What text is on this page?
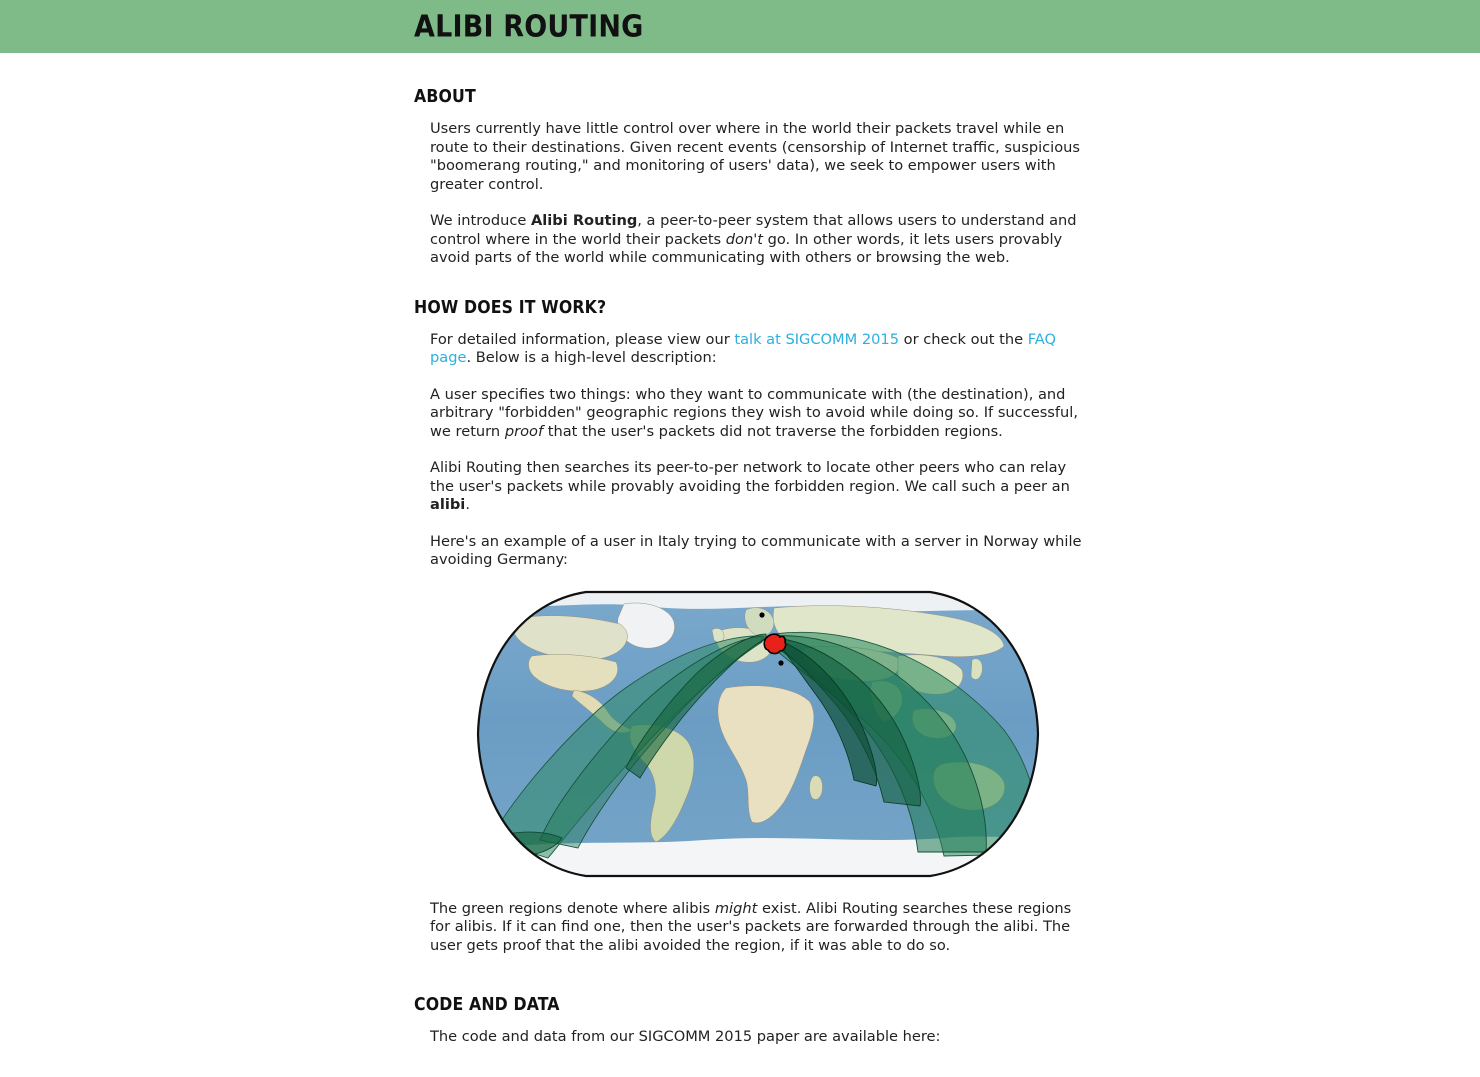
ALIBI ROUTING
ABOUT

Users currently have little control over where in the world their packets travel while en route to their destinations. Given recent events (censorship of Internet traffic, suspicious "boomerang routing," and monitoring of users' data), we seek to empower users with greater control.

We introduce Alibi Routing, a peer-to-peer system that allows users to understand and control where in the world their packets don't go. In other words, it lets users provably avoid parts of the world while communicating with others or browsing the web.

HOW DOES IT WORK?

For detailed information, please view our talk at SIGCOMM 2015 or check out the FAQ page. Below is a high-level description:

A user specifies two things: who they want to communicate with (the destination), and arbitrary "forbidden" geographic regions they wish to avoid while doing so. If successful, we return proof that the user's packets did not traverse the forbidden regions.

Alibi Routing then searches its peer-to-per network to locate other peers who can relay the user's packets while provably avoiding the forbidden region. We call such a peer an alibi.

Here's an example of a user in Italy trying to communicate with a server in Norway while avoiding Germany:

The green regions denote where alibis might exist. Alibi Routing searches these regions for alibis. If it can find one, then the user's packets are forwarded through the alibi. The user gets proof that the alibi avoided the region, if it was able to do so.

CODE AND DATA

The code and data from our SIGCOMM 2015 paper are available here:
